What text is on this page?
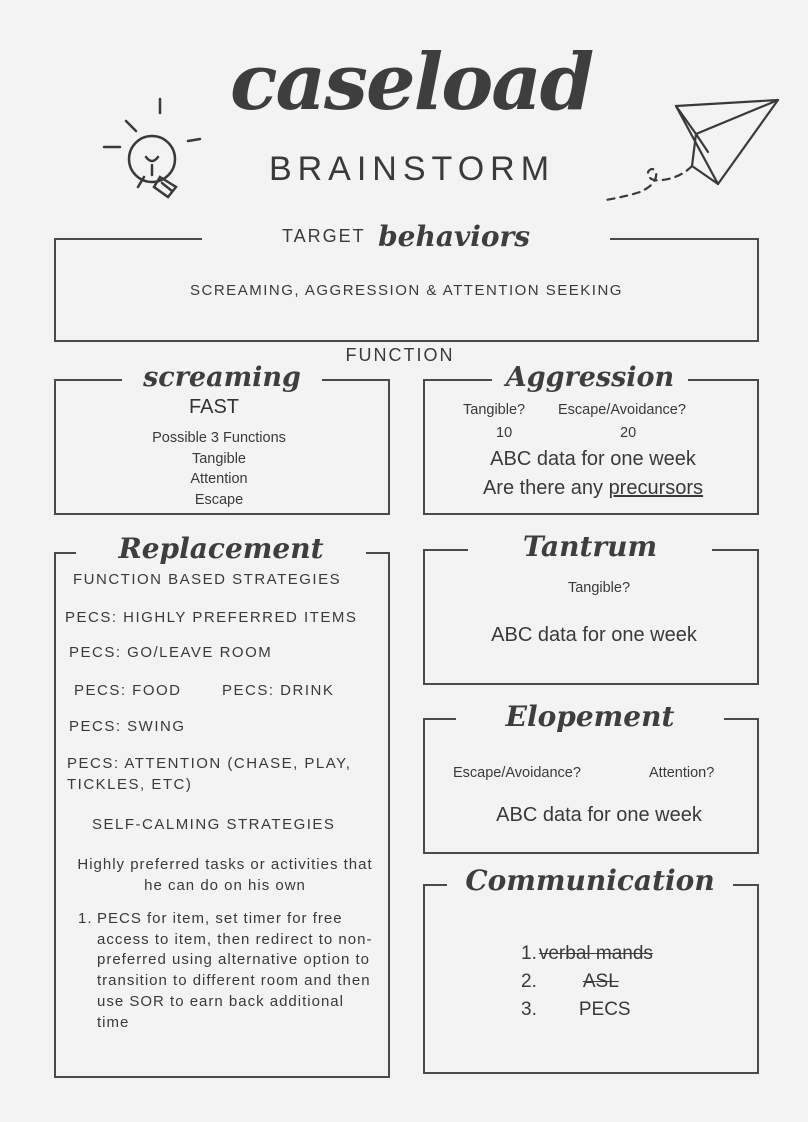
caseload
BRAINSTORM
TARGET behaviors
SCREAMING, AGGRESSION & ATTENTION SEEKING
FUNCTION
screaming
FAST
Possible 3 Functions
Tangible
Attention
Escape
Aggression
Tangible? Escape/Avoidance?
10	20
ABC data for one week
Are there any precursors
Replacement
FUNCTION BASED STRATEGIES
PECS: HIGHLY PREFERRED ITEMS
PECS: GO/LEAVE ROOM
PECS: FOOD	PECS: DRINK
PECS: SWING
PECS: ATTENTION (CHASE, PLAY, TICKLES, ETC)
SELF-CALMING STRATEGIES
Highly preferred tasks or activities that he can do on his own
1. PECS for item, set timer for free access to item, then redirect to non-preferred using alternative option to transition to different room and then use SOR to earn back additional time
Tantrum
Tangible?
ABC data for one week
Elopement
Escape/Avoidance?	Attention?
ABC data for one week
Communication
1. verbal mands
2. ASL
3. PECS
